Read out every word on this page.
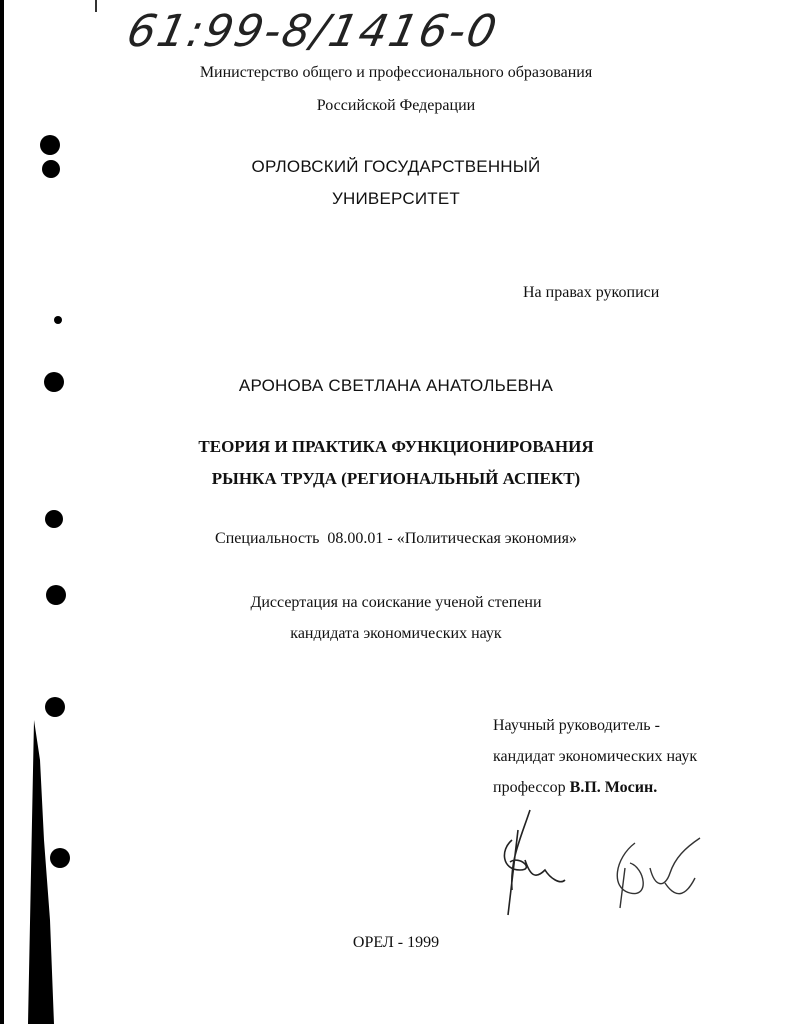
61:99-8/1416-0
Министерство общего и профессионального образования
Российской Федерации
ОРЛОВСКИЙ ГОСУДАРСТВЕННЫЙ
УНИВЕРСИТЕТ
На правах рукописи
АРОНОВА СВЕТЛАНА АНАТОЛЬЕВНА
ТЕОРИЯ И ПРАКТИКА ФУНКЦИОНИРОВАНИЯ
РЫНКА ТРУДА (РЕГИОНАЛЬНЫЙ АСПЕКТ)
Специальность  08.00.01 - «Политическая экономия»
Диссертация на соискание ученой степени
кандидата экономических наук
Научный руководитель -
кандидат экономических наук
профессор В.П. Мосин.
ОРЕЛ - 1999
